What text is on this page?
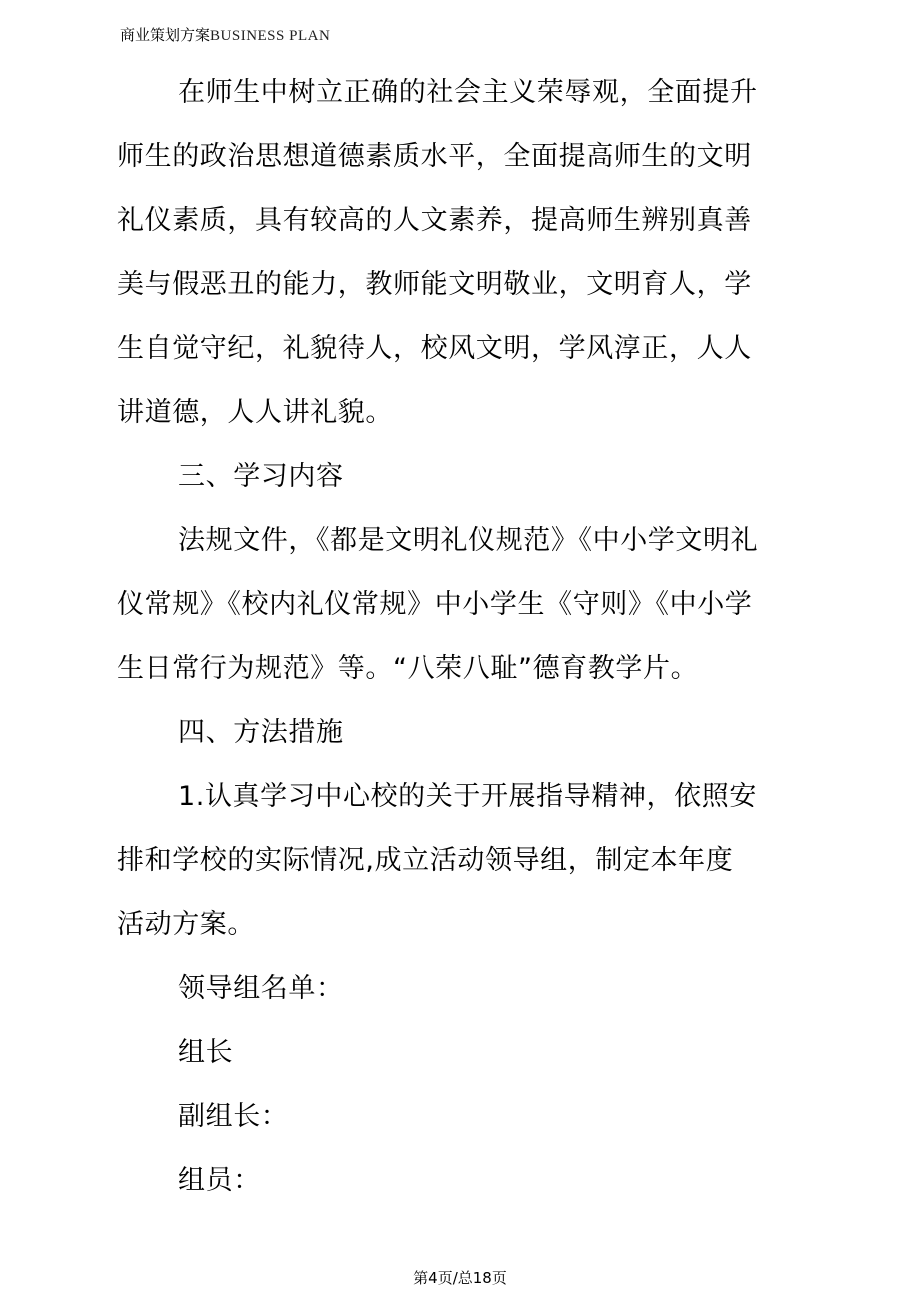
商业策划方案BUSINESS PLAN
在师生中树立正确的社会主义荣辱观，全面提升
师生的政治思想道德素质水平，全面提高师生的文明
礼仪素质，具有较高的人文素养，提高师生辨别真善
美与假恶丑的能力，教师能文明敬业，文明育人，学
生自觉守纪，礼貌待人，校风文明，学风淳正，人人
讲道德，人人讲礼貌。
三、学习内容
法规文件，《都是文明礼仪规范》《中小学文明礼
仪常规》《校内礼仪常规》中小学生《守则》《中小学
生日常行为规范》等。“八荣八耻”德育教学片。
四、方法措施
1.认真学习中心校的关于开展指导精神，依照安
排和学校的实际情况,成立活动领导组，制定本年度
活动方案。
领导组名单：
组长
副组长：
组员：
第4页/总18页
